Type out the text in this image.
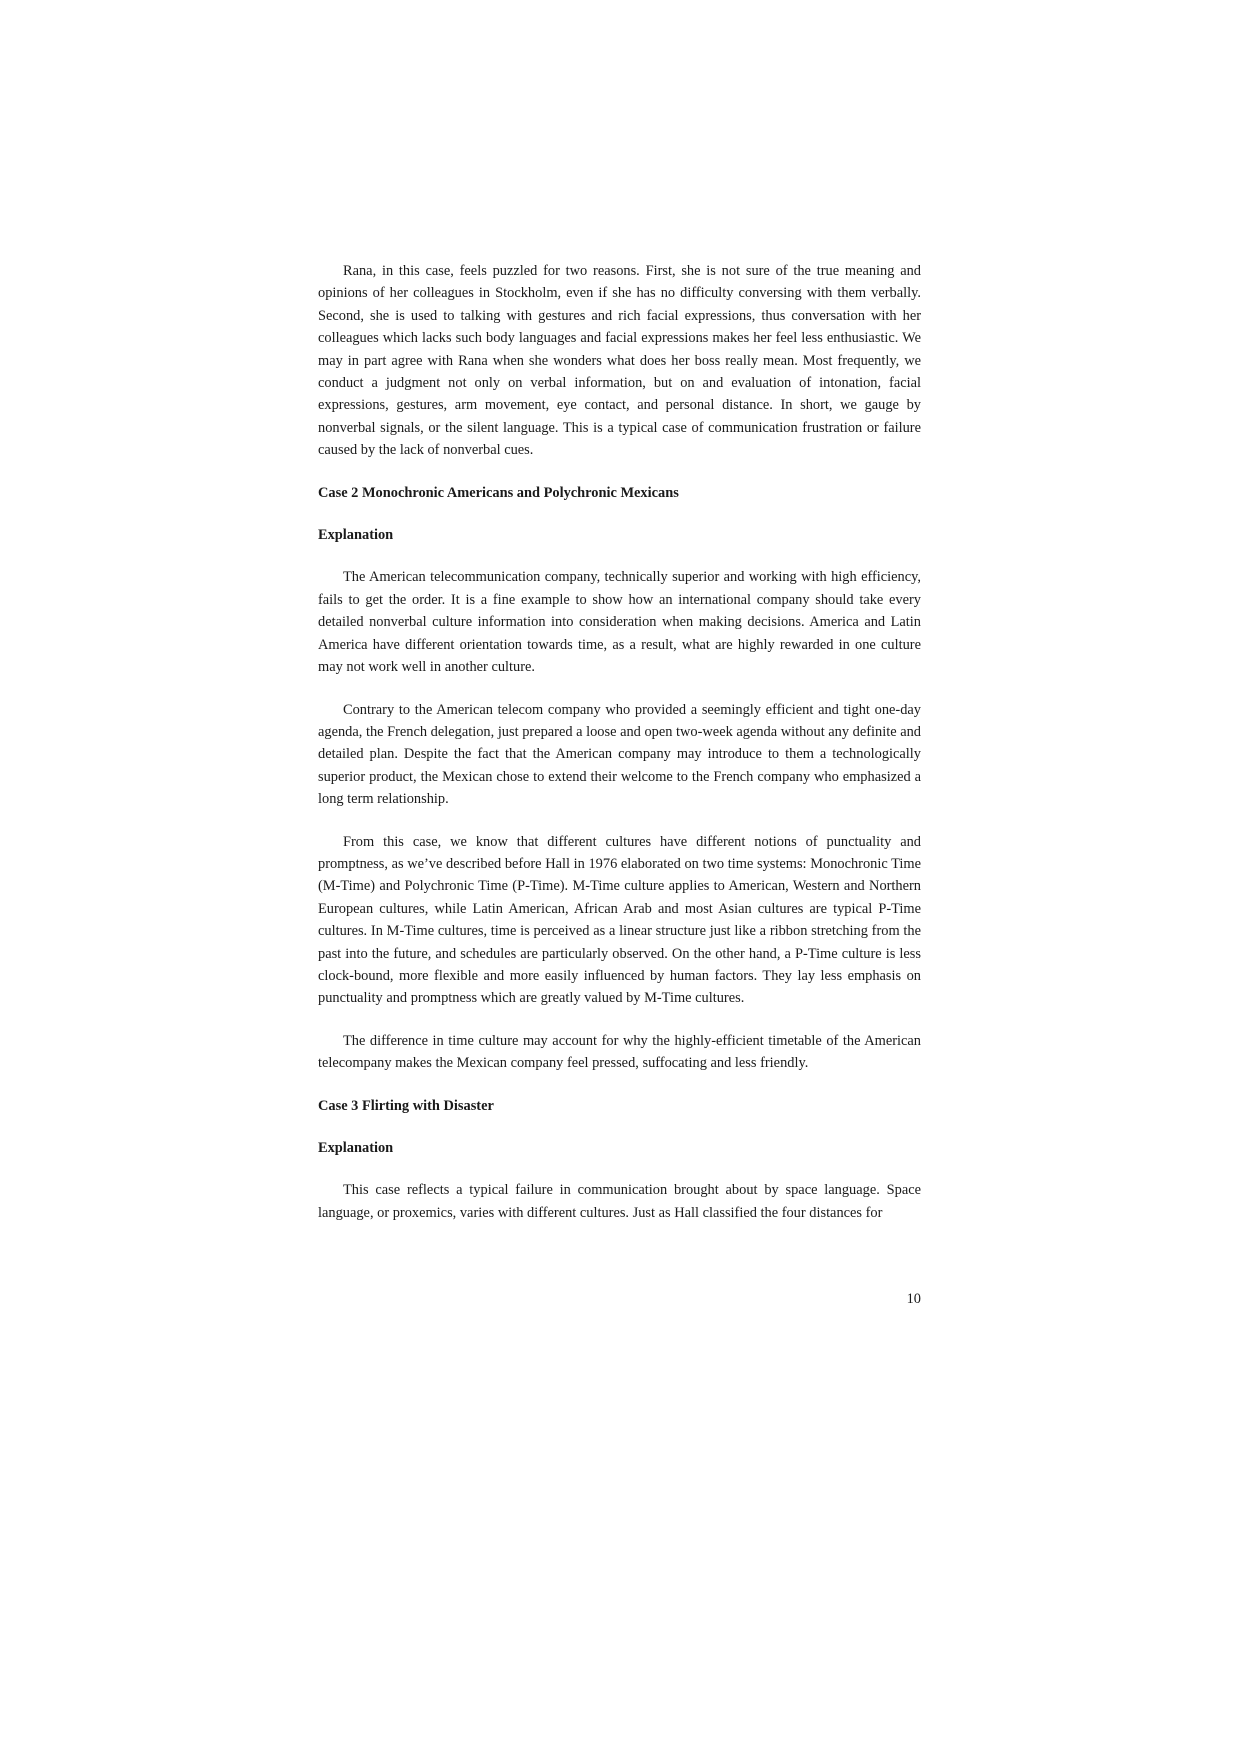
Rana, in this case, feels puzzled for two reasons. First, she is not sure of the true meaning and opinions of her colleagues in Stockholm, even if she has no difficulty conversing with them verbally. Second, she is used to talking with gestures and rich facial expressions, thus conversation with her colleagues which lacks such body languages and facial expressions makes her feel less enthusiastic. We may in part agree with Rana when she wonders what does her boss really mean. Most frequently, we conduct a judgment not only on verbal information, but on and evaluation of intonation, facial expressions, gestures, arm movement, eye contact, and personal distance. In short, we gauge by nonverbal signals, or the silent language. This is a typical case of communication frustration or failure caused by the lack of nonverbal cues.

Case 2 Monochronic Americans and Polychronic Mexicans

Explanation

The American telecommunication company, technically superior and working with high efficiency, fails to get the order. It is a fine example to show how an international company should take every detailed nonverbal culture information into consideration when making decisions. America and Latin America have different orientation towards time, as a result, what are highly rewarded in one culture may not work well in another culture.

Contrary to the American telecom company who provided a seemingly efficient and tight one-day agenda, the French delegation, just prepared a loose and open two-week agenda without any definite and detailed plan. Despite the fact that the American company may introduce to them a technologically superior product, the Mexican chose to extend their welcome to the French company who emphasized a long term relationship.

From this case, we know that different cultures have different notions of punctuality and promptness, as we’ve described before Hall in 1976 elaborated on two time systems: Monochronic Time (M-Time) and Polychronic Time (P-Time). M-Time culture applies to American, Western and Northern European cultures, while Latin American, African Arab and most Asian cultures are typical P-Time cultures. In M-Time cultures, time is perceived as a linear structure just like a ribbon stretching from the past into the future, and schedules are particularly observed. On the other hand, a P-Time culture is less clock-bound, more flexible and more easily influenced by human factors. They lay less emphasis on punctuality and promptness which are greatly valued by M-Time cultures.

The difference in time culture may account for why the highly-efficient timetable of the American telecompany makes the Mexican company feel pressed, suffocating and less friendly.

Case 3 Flirting with Disaster

Explanation

This case reflects a typical failure in communication brought about by space language. Space language, or proxemics, varies with different cultures. Just as Hall classified the four distances for

10
